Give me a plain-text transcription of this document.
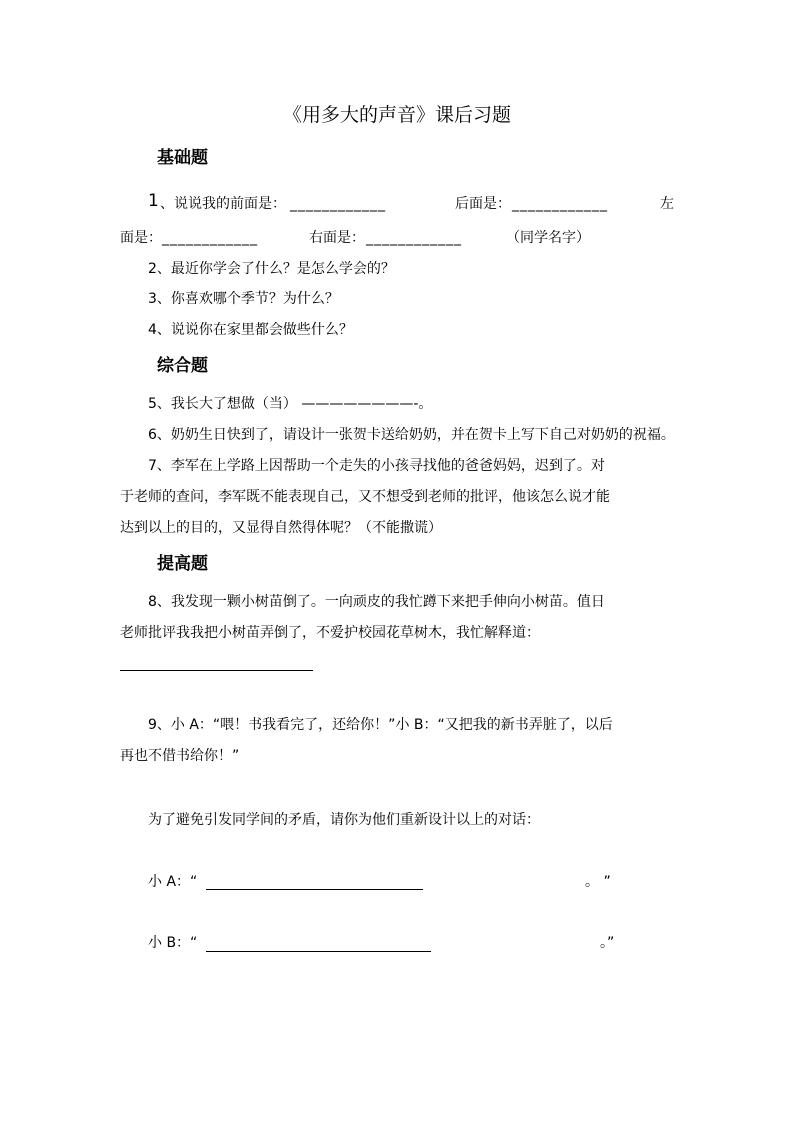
《用多大的声音》课后习题
基础题
1 、说说我的前面是： ____________	后面是： ____________	左
面是： ____________	右面是： ____________	（同学名字）
2、最近你学会了什么？是怎么学会的？
3、你喜欢哪个季节？为什么？
4、说说你在家里都会做些什么？
综合题
5、我长大了想做（当） ————————-。
6、奶奶生日快到了，请设计一张贺卡送给奶奶，并在贺卡上写下自己对奶奶的祝福。
7、李军在上学路上因帮助一个走失的小孩寻找他的爸爸妈妈，迟到了。对
于老师的查问，李军既不能表现自己，又不想受到老师的批评，他该怎么说才能
达到以上的目的，又显得自然得体呢？（不能撒谎）
提高题
8、我发现一颗小树苗倒了。一向顽皮的我忙蹲下来把手伸向小树苗。值日
老师批评我我把小树苗弄倒了，不爱护校园花草树木，我忙解释道：
9、小 A：“喂！书我看完了，还给你！”小 B：“又把我的新书弄脏了，以后
再也不借书给你！”
为了避免引发同学间的矛盾，请你为他们重新设计以上的对话：
小 A：“	。 ”
小 B：“	。”
